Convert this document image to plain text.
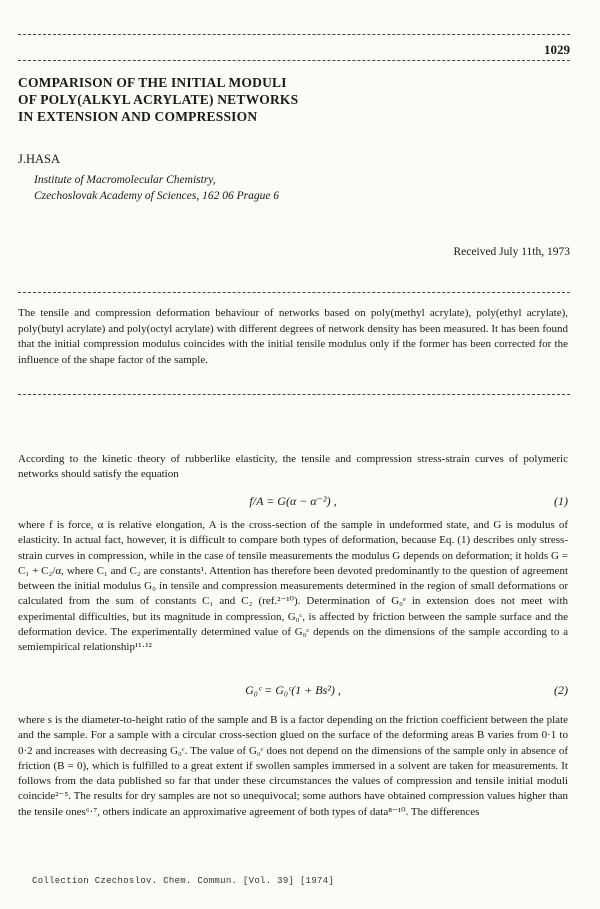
1029
COMPARISON OF THE INITIAL MODULI
OF POLY(ALKYL ACRYLATE) NETWORKS
IN EXTENSION AND COMPRESSION
J.HASA
Institute of Macromolecular Chemistry,
Czechoslovak Academy of Sciences, 162 06 Prague 6
Received July 11th, 1973

The tensile and compression deformation behaviour of networks based on poly(methyl acrylate), poly(ethyl acrylate), poly(butyl acrylate) and poly(octyl acrylate) with different degrees of network density has been measured. It has been found that the initial compression modulus coincides with the initial tensile modulus only if the former has been corrected for the influence of the shape factor of the sample.

According to the kinetic theory of rubberlike elasticity, the tensile and compression stress-strain curves of polymeric networks should satisfy the equation

f/A = G(α − α⁻²) ,	(1)

where f is force, α is relative elongation, A is the cross-section of the sample in undeformed state, and G is modulus of elasticity. In actual fact, however, it is difficult to compare both types of deformation, because Eq. (1) describes only stress-strain curves in compression, while in the case of tensile measurements the modulus G depends on deformation; it holds G = C₁ + C₂/α, where C₁ and C₂ are constants¹. Attention has therefore been devoted predominantly to the question of agreement between the initial modulus G₀ in tensile and compression measurements determined in the region of small deformations or calculated from the sum of constants C₁ and C₂ (ref.²⁻¹⁰). Determination of G₀ᵉ in extension does not meet with experimental difficulties, but its magnitude in compression, G₀ᶜ, is affected by friction between the sample surface and the deformation device. The experimentally determined value of G₀ᶜ depends on the dimensions of the sample according to a semiempirical relationship¹¹·¹²

G₀ᶜ = G₀ᶜ(1 + Bs²) ,	(2)

where s is the diameter-to-height ratio of the sample and B is a factor depending on the friction coefficient between the plate and the sample. For a sample with a circular cross-section glued on the surface of the deforming areas B varies from 0·1 to 0·2 and increases with decreasing G₀ᶜ. The value of G₀ᶜ does not depend on the dimensions of the sample only in absence of friction (B = 0), which is fulfilled to a great extent if swollen samples immersed in a solvent are taken for measurements. It follows from the data published so far that under these circumstances the values of compression and tensile initial moduli coincide²⁻⁵. The results for dry samples are not so unequivocal; some authors have obtained compression values higher than the tensile ones⁶·⁷, others indicate an approximative agreement of both types of data⁸⁻¹⁰. The differences

Collection Czechoslov. Chem. Commun. [Vol. 39] [1974]
